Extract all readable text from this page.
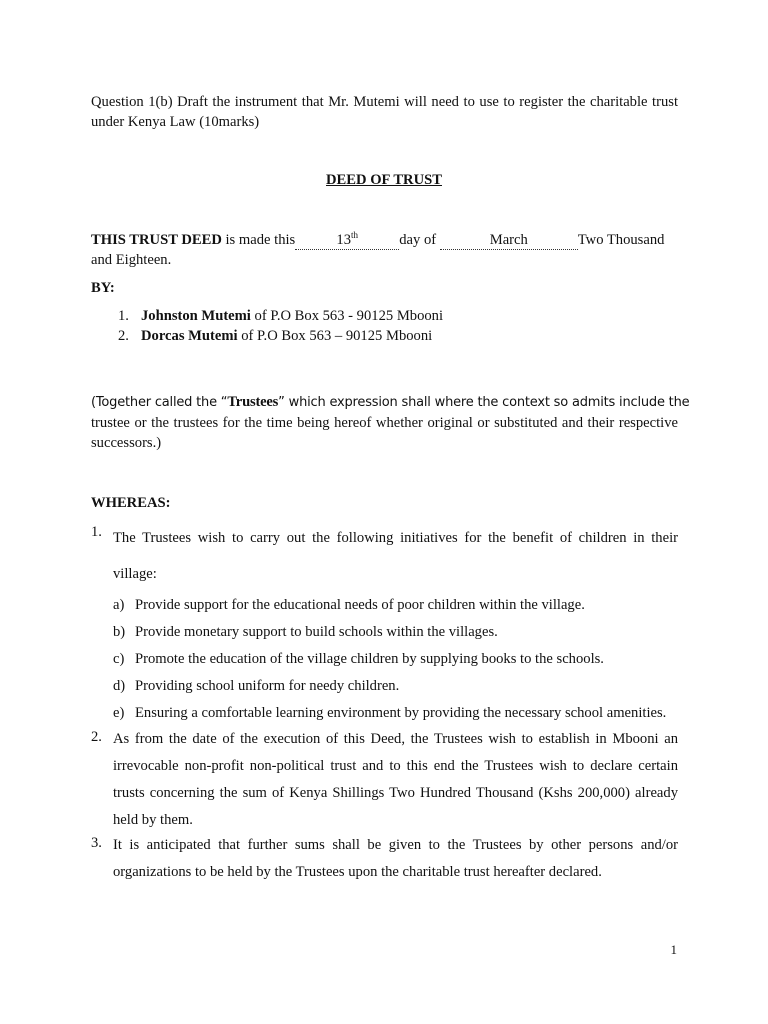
Question 1(b) Draft the instrument that Mr. Mutemi will need to use to register the charitable trust under Kenya Law (10marks)
DEED OF TRUST
THIS TRUST DEED is made this	13th	day of	March	Two Thousand
and Eighteen.
BY:
1. Johnston Mutemi of P.O Box 563 - 90125 Mbooni
2. Dorcas Mutemi of P.O Box 563 – 90125 Mbooni
(Together called the “Trustees” which expression shall where the context so admits include the
trustee or the trustees for the time being hereof whether original or substituted and their respective successors.)
WHEREAS:
1. The Trustees wish to carry out the following initiatives for the benefit of children in their
village:
a) Provide support for the educational needs of poor children within the village.
b) Provide monetary support to build schools within the villages.
c) Promote the education of the village children by supplying books to the schools.
d) Providing school uniform for needy children.
e) Ensuring a comfortable learning environment by providing the necessary school amenities.
2. As from the date of the execution of this Deed, the Trustees wish to establish in Mbooni an irrevocable non-profit non-political trust and to this end the Trustees wish to declare certain trusts concerning the sum of Kenya Shillings Two Hundred Thousand (Kshs 200,000) already held by them.
3. It is anticipated that further sums shall be given to the Trustees by other persons and/or organizations to be held by the Trustees upon the charitable trust hereafter declared.
1
